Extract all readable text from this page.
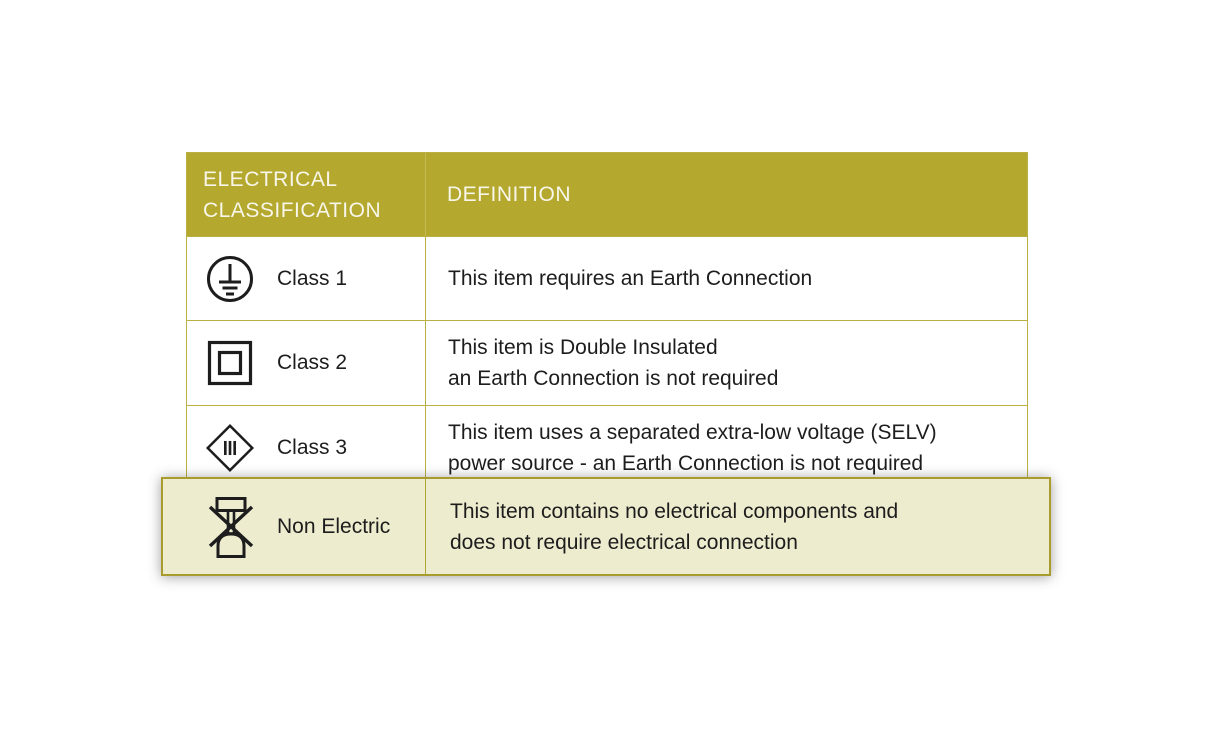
ELECTRICAL
CLASSIFICATION
DEFINITION
Class 1	This item requires an Earth Connection
Class 2
This item is Double Insulated
an Earth Connection is not required
Class 3
This item uses a separated extra-low voltage (SELV)
power source - an Earth Connection is not required
Non Electric
This item contains no electrical components and
does not require electrical connection
